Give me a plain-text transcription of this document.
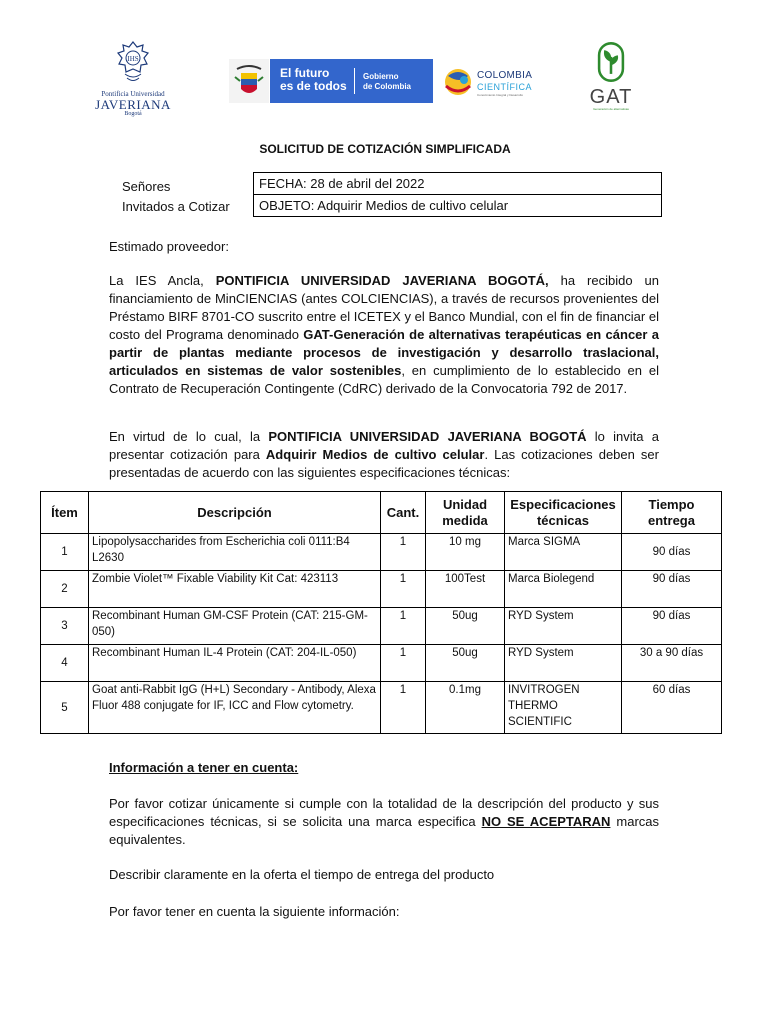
IHS
Pontificia Universidad
JAVERIANA
Bogotá
El futuro
es de todos
Gobierno
de Colombia
COLOMBIA
CIENTÍFICA
Conocimiento Integral y Desarrollo	GAT
Generación de alternativas
SOLICITUD DE COTIZACIÓN SIMPLIFICADA
Señores
Invitados a Cotizar
	FECHA: 28 de abril del 2022
OBJETO: Adquirir Medios de cultivo celular
Estimado proveedor:
La IES Ancla, PONTIFICIA UNIVERSIDAD JAVERIANA BOGOTÁ, ha recibido un financiamiento de MinCIENCIAS (antes COLCIENCIAS), a través de recursos provenientes del Préstamo BIRF 8701-CO suscrito entre el ICETEX y el Banco Mundial, con el fin de financiar el costo del Programa denominado GAT-Generación de alternativas terapéuticas en cáncer a partir de plantas mediante procesos de investigación y desarrollo traslacional, articulados en sistemas de valor sostenibles, en cumplimiento de lo establecido en el Contrato de Recuperación Contingente (CdRC) derivado de la Convocatoria 792 de 2017.
En virtud de lo cual, la PONTIFICIA UNIVERSIDAD JAVERIANA BOGOTÁ lo invita a presentar cotización para Adquirir Medios de cultivo celular. Las cotizaciones deben ser presentadas de acuerdo con las siguientes especificaciones técnicas:
Ítem	Descripción	Cant.	Unidad medida	Especificaciones técnicas	Tiempo entrega
1	Lipopolysaccharides from Escherichia coli 0111:B4 L2630	1	10 mg	Marca SIGMA	90 días
2	Zombie Violet™ Fixable Viability Kit Cat: 423113	1	100Test	Marca Biolegend	90 días
3	Recombinant Human GM-CSF Protein (CAT: 215-GM-050)	1	50ug	RYD System	90 días
4	Recombinant Human IL-4 Protein (CAT: 204-IL-050)	1	50ug	RYD System	30 a 90 días
5	Goat anti-Rabbit IgG (H+L) Secondary - Antibody, Alexa Fluor 488 conjugate for IF, ICC and Flow cytometry.	1	0.1mg	INVITROGEN THERMO SCIENTIFIC	60 días
Información a tener en cuenta:
Por favor cotizar únicamente si cumple con la totalidad de la descripción del producto y sus especificaciones técnicas, si se solicita una marca especifica NO SE ACEPTARAN marcas equivalentes.
Describir claramente en la oferta el tiempo de entrega del producto
Por favor tener en cuenta la siguiente información:
